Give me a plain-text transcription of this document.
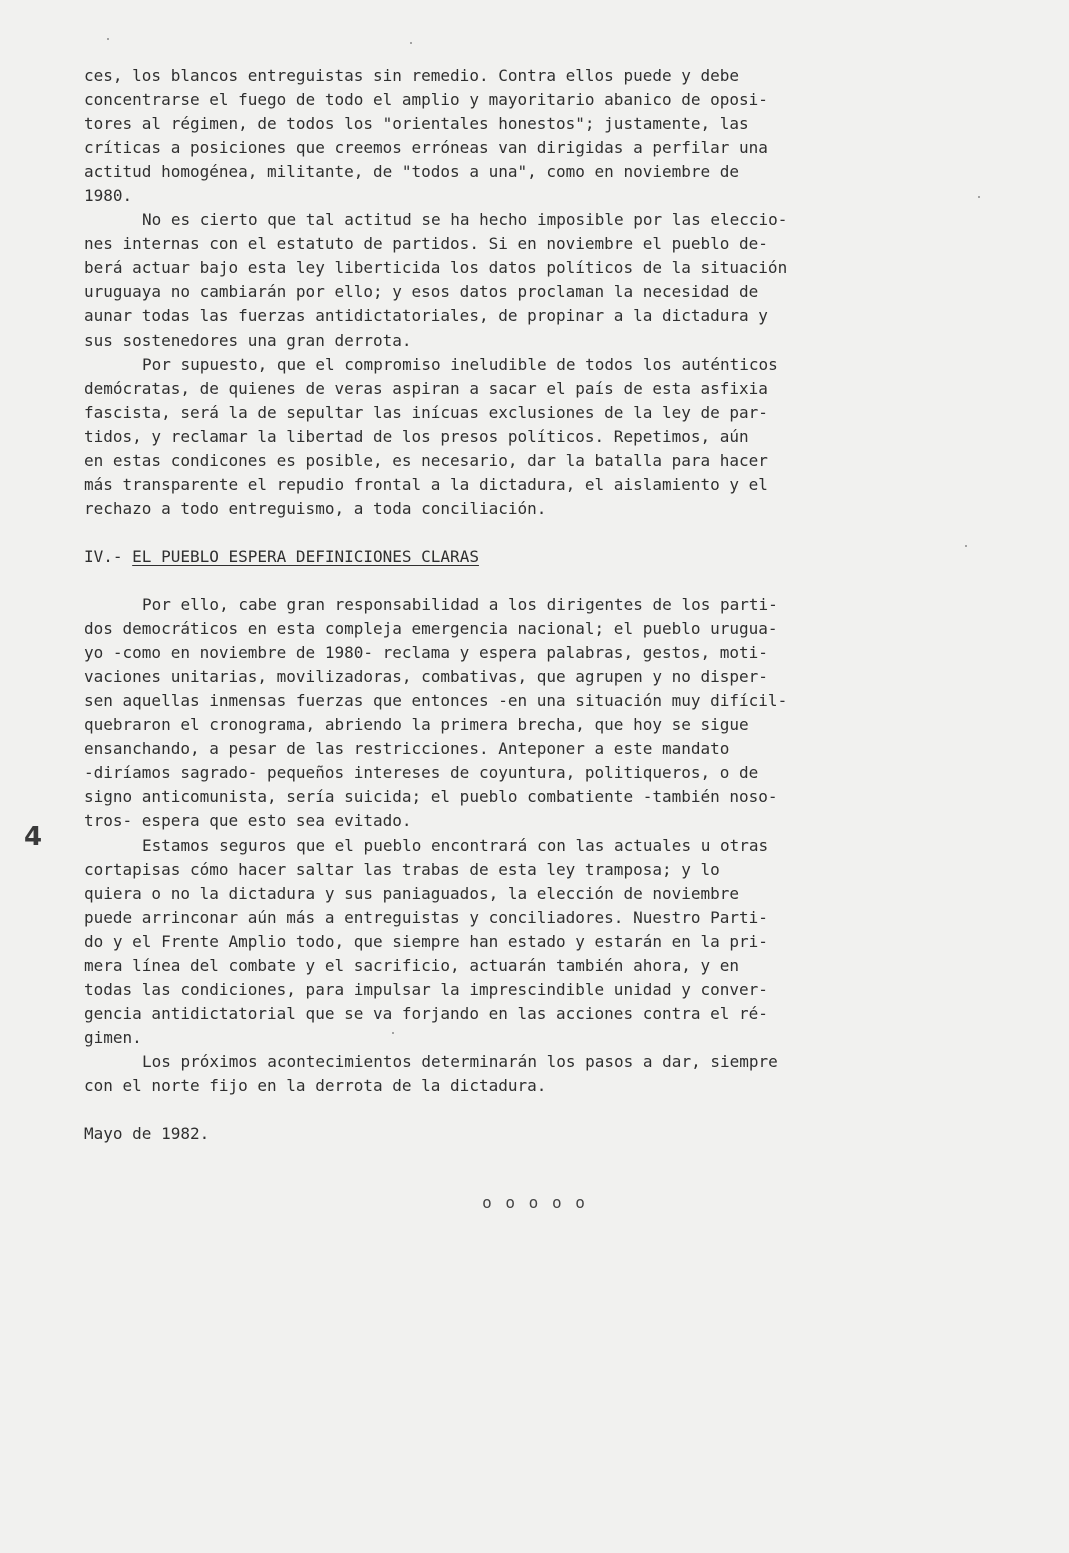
ces, los blancos entreguistas sin remedio. Contra ellos puede y debe
concentrarse el fuego de todo el amplio y mayoritario abanico de oposi-
tores al régimen, de todos los "orientales honestos"; justamente, las
críticas a posiciones que creemos erróneas van dirigidas a perfilar una
actitud homogénea, militante, de "todos a una", como en noviembre de
1980.
No es cierto que tal actitud se ha hecho imposible por las eleccio-
nes internas con el estatuto de partidos. Si en noviembre el pueblo de-
berá actuar bajo esta ley liberticida los datos políticos de la situación
uruguaya no cambiarán por ello; y esos datos proclaman la necesidad de
aunar todas las fuerzas antidictatoriales, de propinar a la dictadura y
sus sostenedores una gran derrota.
Por supuesto, que el compromiso ineludible de todos los auténticos
demócratas, de quienes de veras aspiran a sacar el país de esta asfixia
fascista, será la de sepultar las inícuas exclusiones de la ley de par-
tidos, y reclamar la libertad de los presos políticos. Repetimos, aún
en estas condicones es posible, es necesario, dar la batalla para hacer
más transparente el repudio frontal a la dictadura, el aislamiento y el
rechazo a todo entreguismo, a toda conciliación.
IV.- EL PUEBLO ESPERA DEFINICIONES CLARAS
Por ello, cabe gran responsabilidad a los dirigentes de los parti-
dos democráticos en esta compleja emergencia nacional; el pueblo urugua-
yo -como en noviembre de 1980- reclama y espera palabras, gestos, moti-
vaciones unitarias, movilizadoras, combativas, que agrupen y no disper-
sen aquellas inmensas fuerzas que entonces -en una situación muy difícil-
quebraron el cronograma, abriendo la primera brecha, que hoy se sigue
ensanchando, a pesar de las restricciones. Anteponer a este mandato
-diríamos sagrado- pequeños intereses de coyuntura, politiqueros, o de
signo anticomunista, sería suicida; el pueblo combatiente -también noso-
tros- espera que esto sea evitado.
Estamos seguros que el pueblo encontrará con las actuales u otras
cortapisas cómo hacer saltar las trabas de esta ley tramposa; y lo
quiera o no la dictadura y sus paniaguados, la elección de noviembre
puede arrinconar aún más a entreguistas y conciliadores. Nuestro Parti-
do y el Frente Amplio todo, que siempre han estado y estarán en la pri-
mera línea del combate y el sacrificio, actuarán también ahora, y en
todas las condiciones, para impulsar la imprescindible unidad y conver-
gencia antidictatorial que se va forjando en las acciones contra el ré-
gimen.
Los próximos acontecimientos determinarán los pasos a dar, siempre
con el norte fijo en la derrota de la dictadura.
Mayo de 1982.
4
o o o o o
